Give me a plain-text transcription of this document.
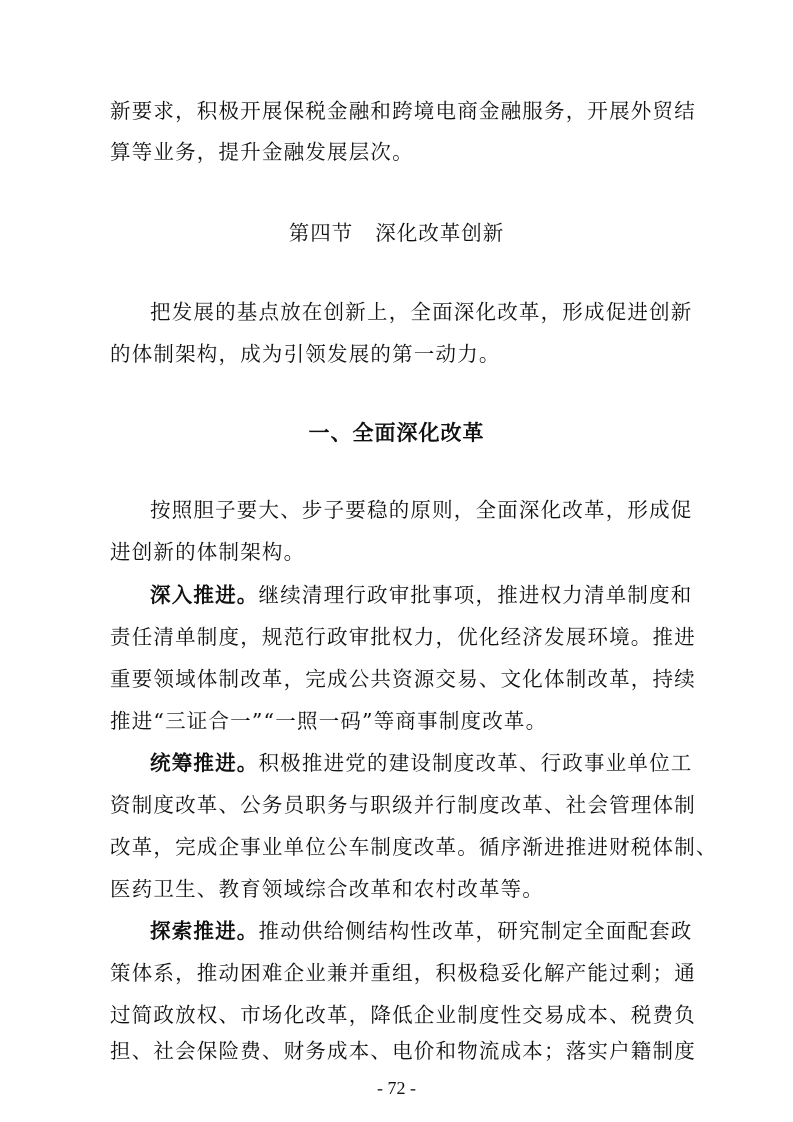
新要求，积极开展保税金融和跨境电商金融服务，开展外贸结
算等业务，提升金融发展层次。
第四节 深化改革创新
把发展的基点放在创新上，全面深化改革，形成促进创新
的体制架构，成为引领发展的第一动力。
一、全面深化改革
按照胆子要大、步子要稳的原则，全面深化改革，形成促
进创新的体制架构。
深入推进。继续清理行政审批事项，推进权力清单制度和
责任清单制度，规范行政审批权力，优化经济发展环境。推进
重要领域体制改革，完成公共资源交易、文化体制改革，持续
推进“三证合一”“一照一码”等商事制度改革。
统筹推进。积极推进党的建设制度改革、行政事业单位工
资制度改革、公务员职务与职级并行制度改革、社会管理体制
改革，完成企事业单位公车制度改革。循序渐进推进财税体制、
医药卫生、教育领域综合改革和农村改革等。
探索推进。推动供给侧结构性改革，研究制定全面配套政
策体系，推动困难企业兼并重组，积极稳妥化解产能过剩；通
过简政放权、市场化改革，降低企业制度性交易成本、税费负
担、社会保险费、财务成本、电价和物流成本；落实户籍制度
- 72 -
